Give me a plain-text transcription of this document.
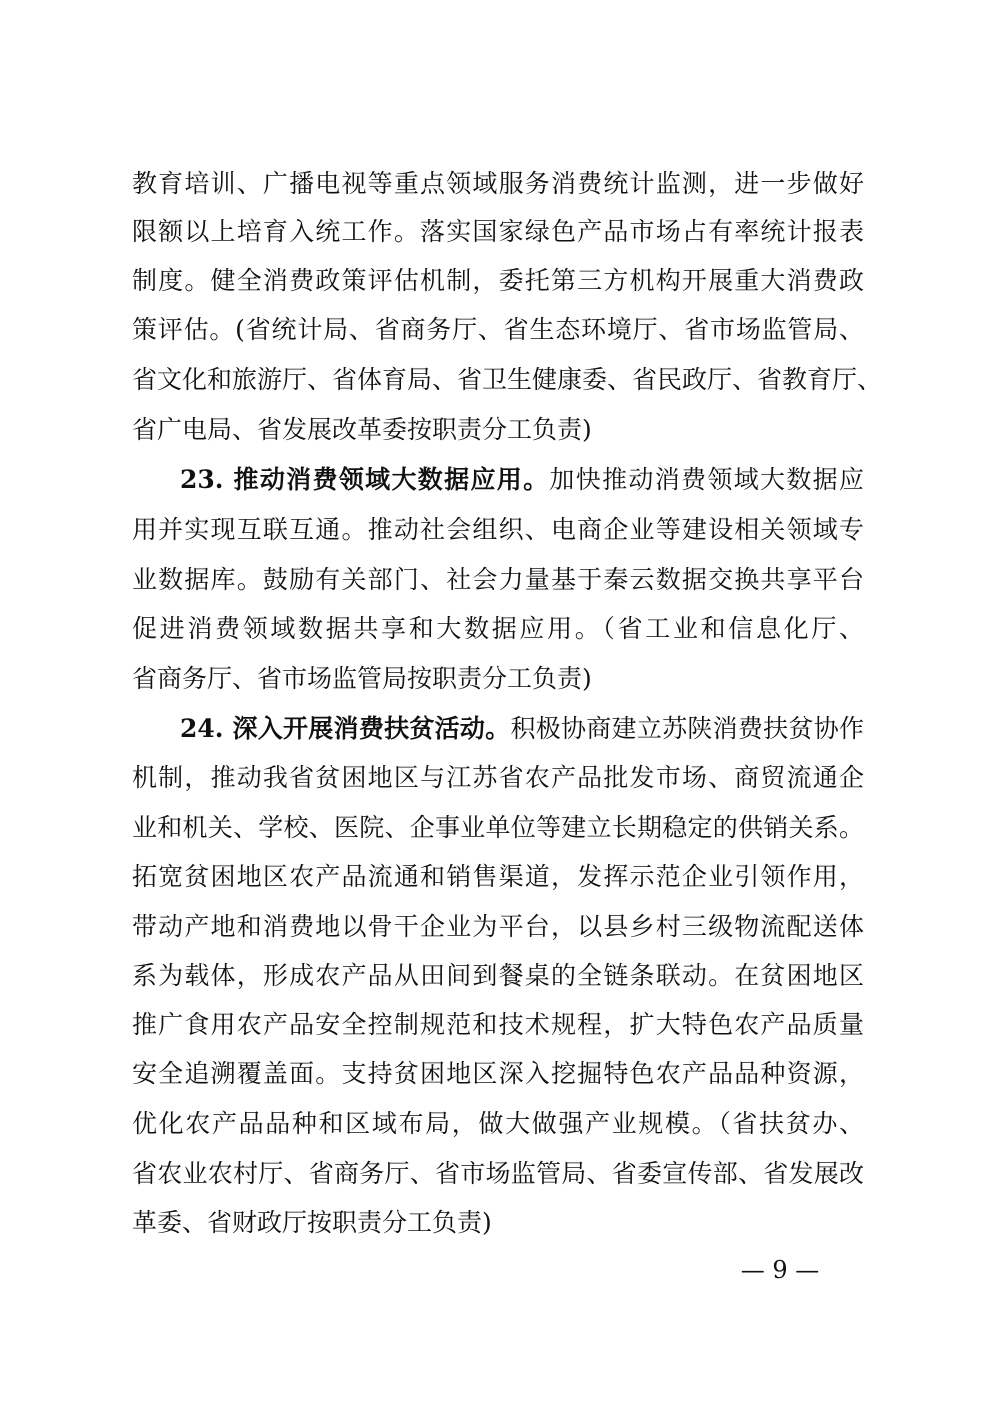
教育培训、广播电视等重点领域服务消费统计监测，进一步做好
限额以上培育入统工作。落实国家绿色产品市场占有率统计报表
制度。健全消费政策评估机制，委托第三方机构开展重大消费政
策评估。(省统计局、省商务厅、省生态环境厅、省市场监管局、
省文化和旅游厅、省体育局、省卫生健康委、省民政厅、省教育厅、
省广电局、省发展改革委按职责分工负责)
23. 推动消费领域大数据应用。加快推动消费领域大数据应
用并实现互联互通。推动社会组织、电商企业等建设相关领域专
业数据库。鼓励有关部门、社会力量基于秦云数据交换共享平台
促进消费领域数据共享和大数据应用。（省工业和信息化厅、
省商务厅、省市场监管局按职责分工负责)
24. 深入开展消费扶贫活动。积极协商建立苏陕消费扶贫协作
机制，推动我省贫困地区与江苏省农产品批发市场、商贸流通企
业和机关、学校、医院、企事业单位等建立长期稳定的供销关系。
拓宽贫困地区农产品流通和销售渠道，发挥示范企业引领作用，
带动产地和消费地以骨干企业为平台，以县乡村三级物流配送体
系为载体，形成农产品从田间到餐桌的全链条联动。在贫困地区
推广食用农产品安全控制规范和技术规程，扩大特色农产品质量
安全追溯覆盖面。支持贫困地区深入挖掘特色农产品品种资源，
优化农产品品种和区域布局，做大做强产业规模。（省扶贫办、
省农业农村厅、省商务厅、省市场监管局、省委宣传部、省发展改
革委、省财政厅按职责分工负责)
— 9 —
